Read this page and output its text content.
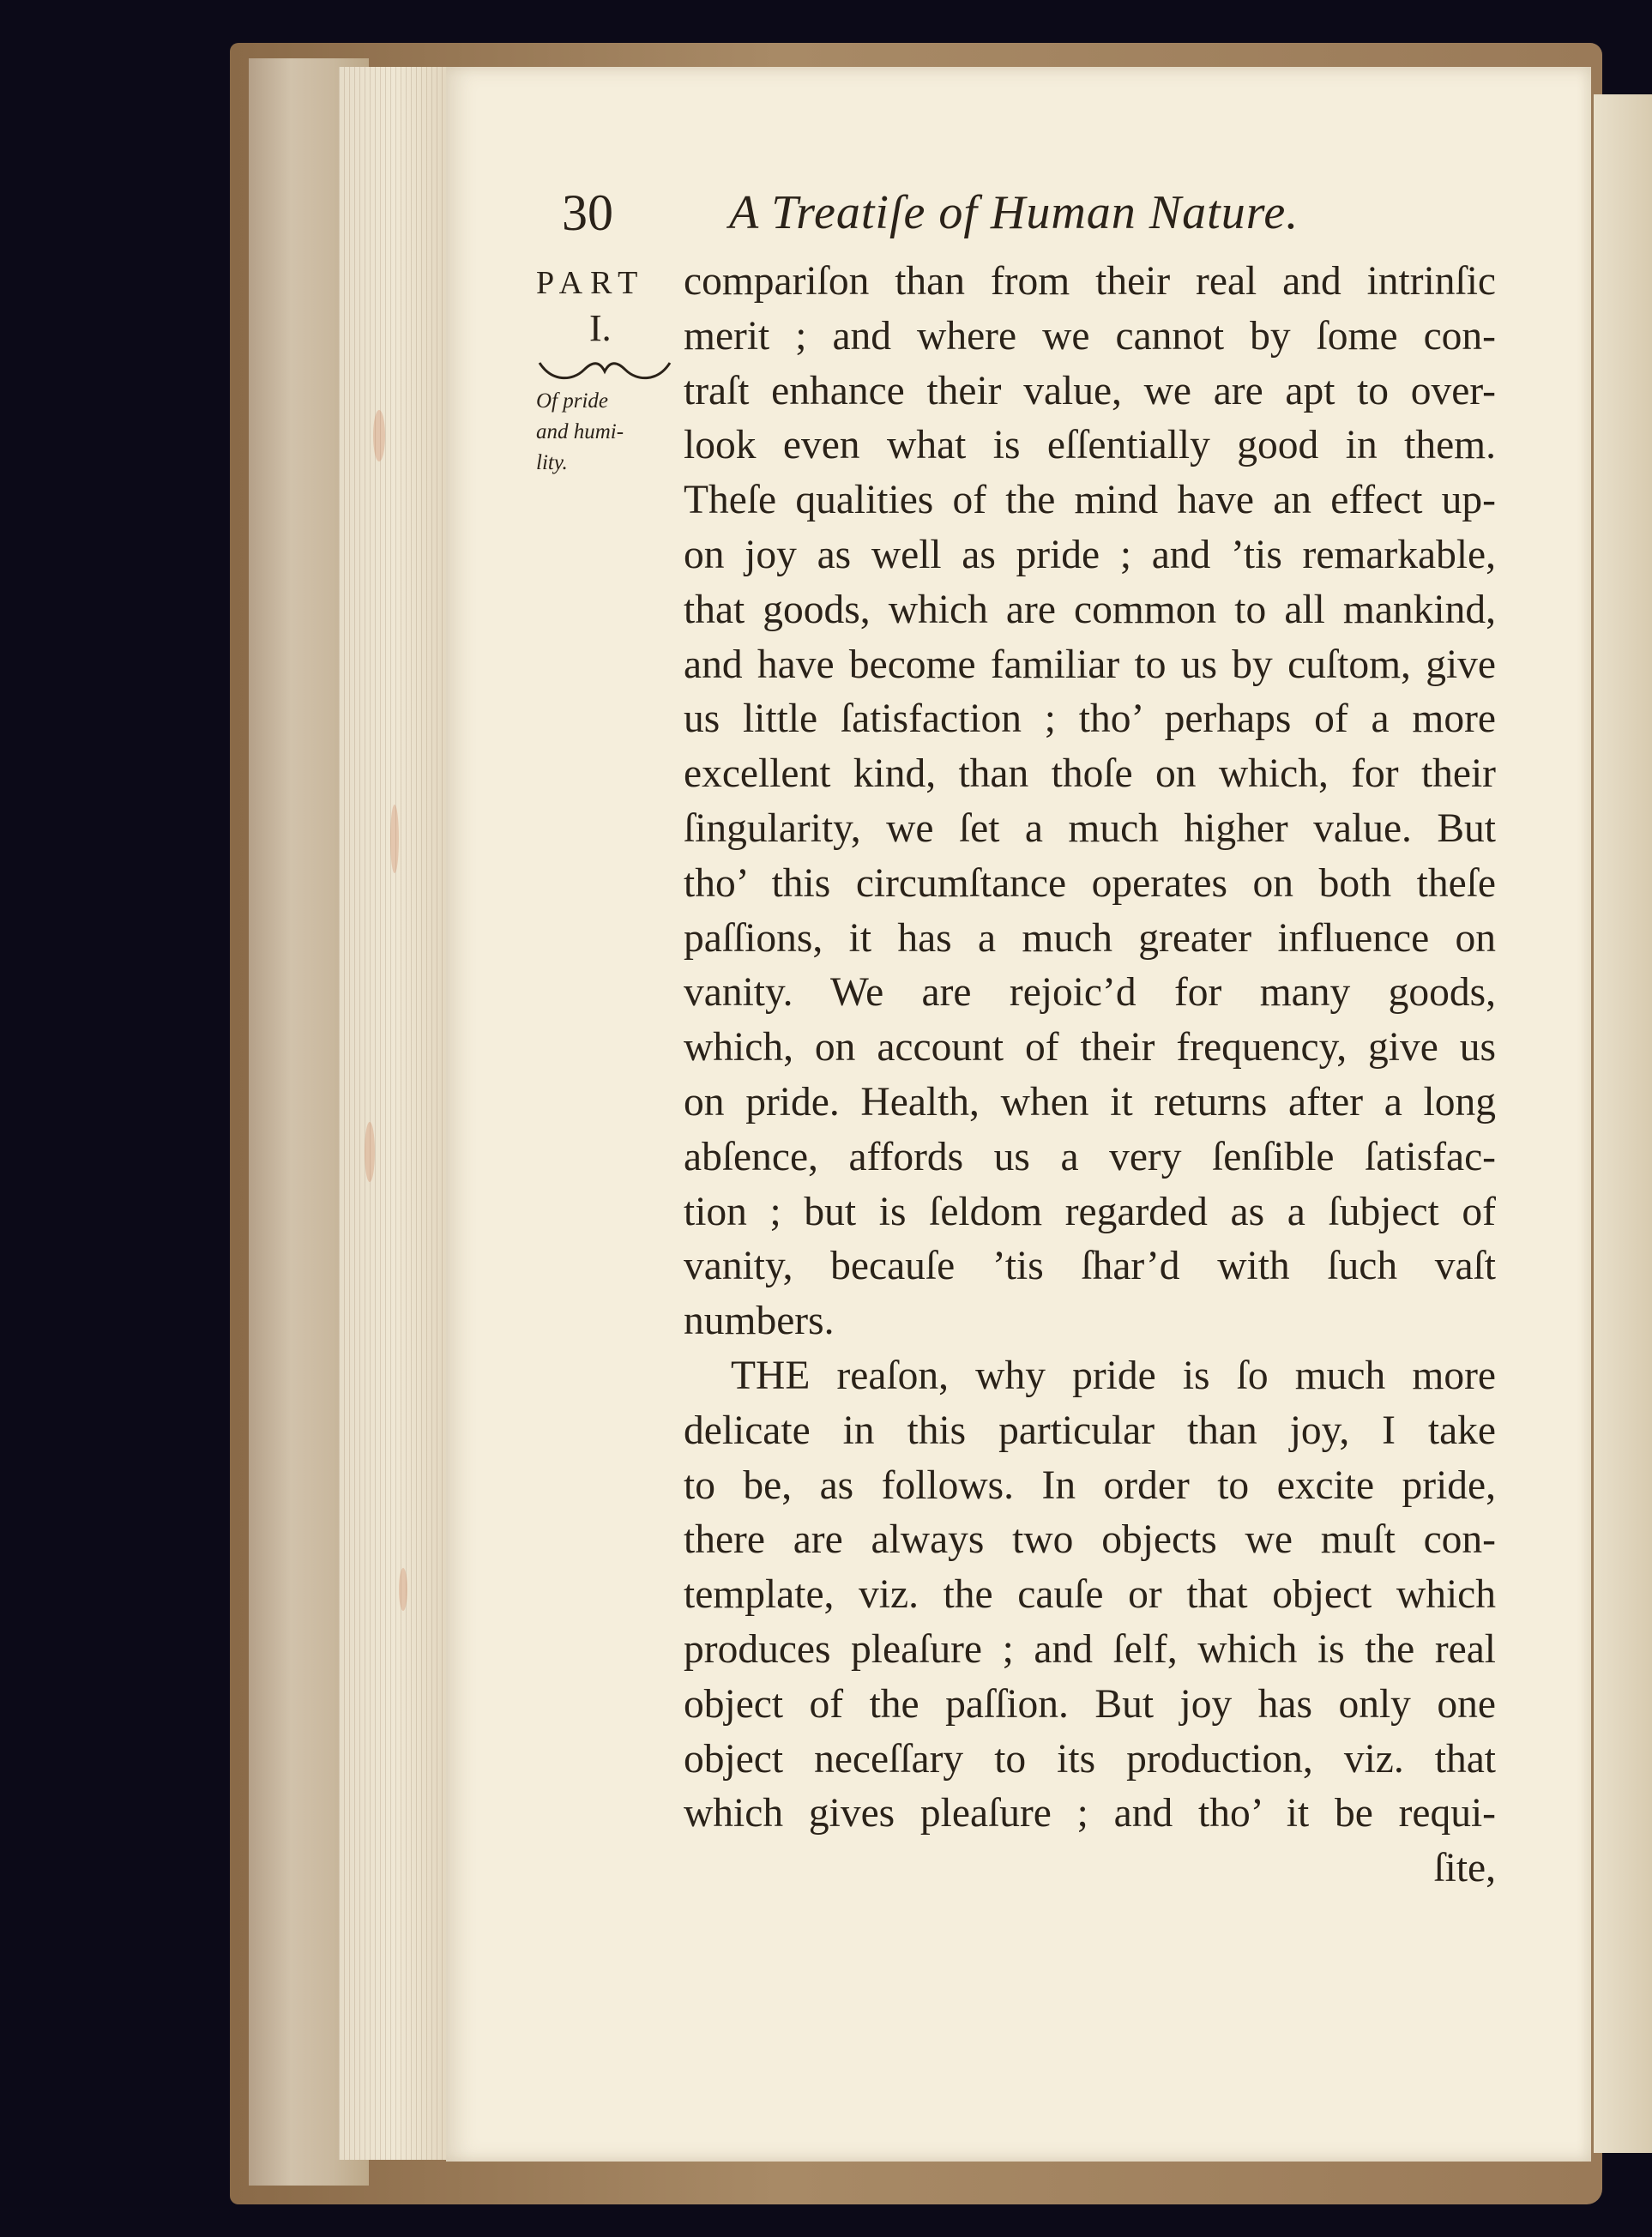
30 A Treatiſe of Human Nature.
PART
I.
Of pride
and humi-
lity.
compariſon than from their real and intrinſic
merit ; and where we cannot by ſome con-
traſt enhance their value, we are apt to over-
look even what is eſſentially good in them.
Theſe qualities of the mind have an effect up-
on joy as well as pride ; and ’tis remarkable,
that goods, which are common to all mankind,
and have become familiar to us by cuſtom, give
us little ſatisfaction ; tho’ perhaps of a more
excellent kind, than thoſe on which, for their
ſingularity, we ſet a much higher value. But
tho’ this circumſtance operates on both theſe
paſſions, it has a much greater influence on
vanity. We are rejoic’d for many goods,
which, on account of their frequency, give us
on pride. Health, when it returns after a long
abſence, affords us a very ſenſible ſatisfac-
tion ; but is ſeldom regarded as a ſubject of
vanity, becauſe ’tis ſhar’d with ſuch vaſt
numbers.
THE reaſon, why pride is ſo much more
delicate in this particular than joy, I take
to be, as follows. In order to excite pride,
there are always two objects we muſt con-
template, viz. the cauſe or that object which
produces pleaſure ; and ſelf, which is the real
object of the paſſion. But joy has only one
object neceſſary to its production, viz. that
which gives pleaſure ; and tho’ it be requi-
ſite,
